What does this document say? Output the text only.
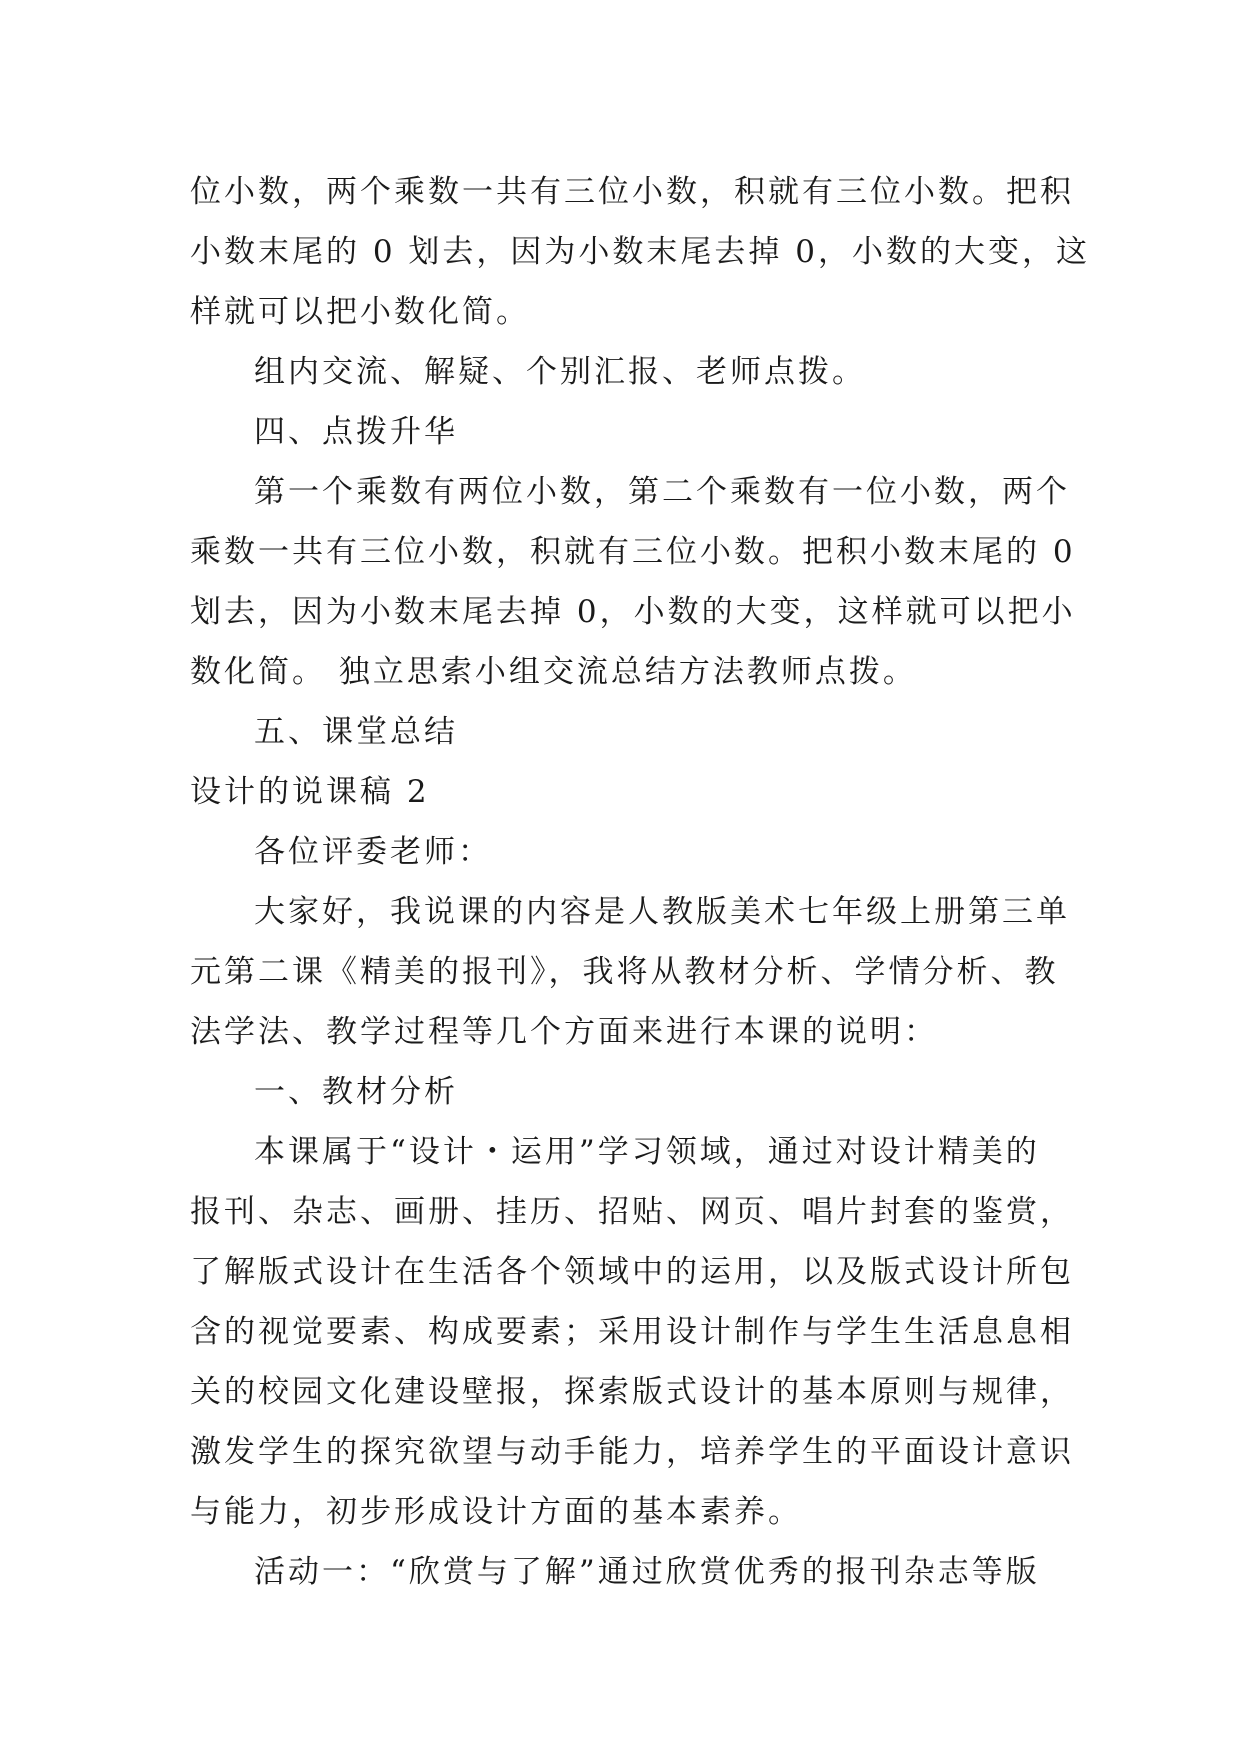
位小数，两个乘数一共有三位小数，积就有三位小数。把积

小数末尾的 0 划去，因为小数末尾去掉 0，小数的大变，这

样就可以把小数化简。

组内交流、解疑、个别汇报、老师点拨。

四、点拨升华

第一个乘数有两位小数，第二个乘数有一位小数，两个

乘数一共有三位小数，积就有三位小数。把积小数末尾的 0

划去，因为小数末尾去掉 0，小数的大变，这样就可以把小

数化简。 独立思索小组交流总结方法教师点拨。

五、课堂总结

设计的说课稿 2

各位评委老师：

大家好，我说课的内容是人教版美术七年级上册第三单

元第二课《精美的报刊》，我将从教材分析、学情分析、教

法学法、教学过程等几个方面来进行本课的说明：

一、教材分析

本课属于“设计・运用”学习领域，通过对设计精美的

报刊、杂志、画册、挂历、招贴、网页、唱片封套的鉴赏，

了解版式设计在生活各个领域中的运用，以及版式设计所包

含的视觉要素、构成要素；采用设计制作与学生生活息息相

关的校园文化建设壁报，探索版式设计的基本原则与规律，

激发学生的探究欲望与动手能力，培养学生的平面设计意识

与能力，初步形成设计方面的基本素养。

活动一：“欣赏与了解”通过欣赏优秀的报刊杂志等版
